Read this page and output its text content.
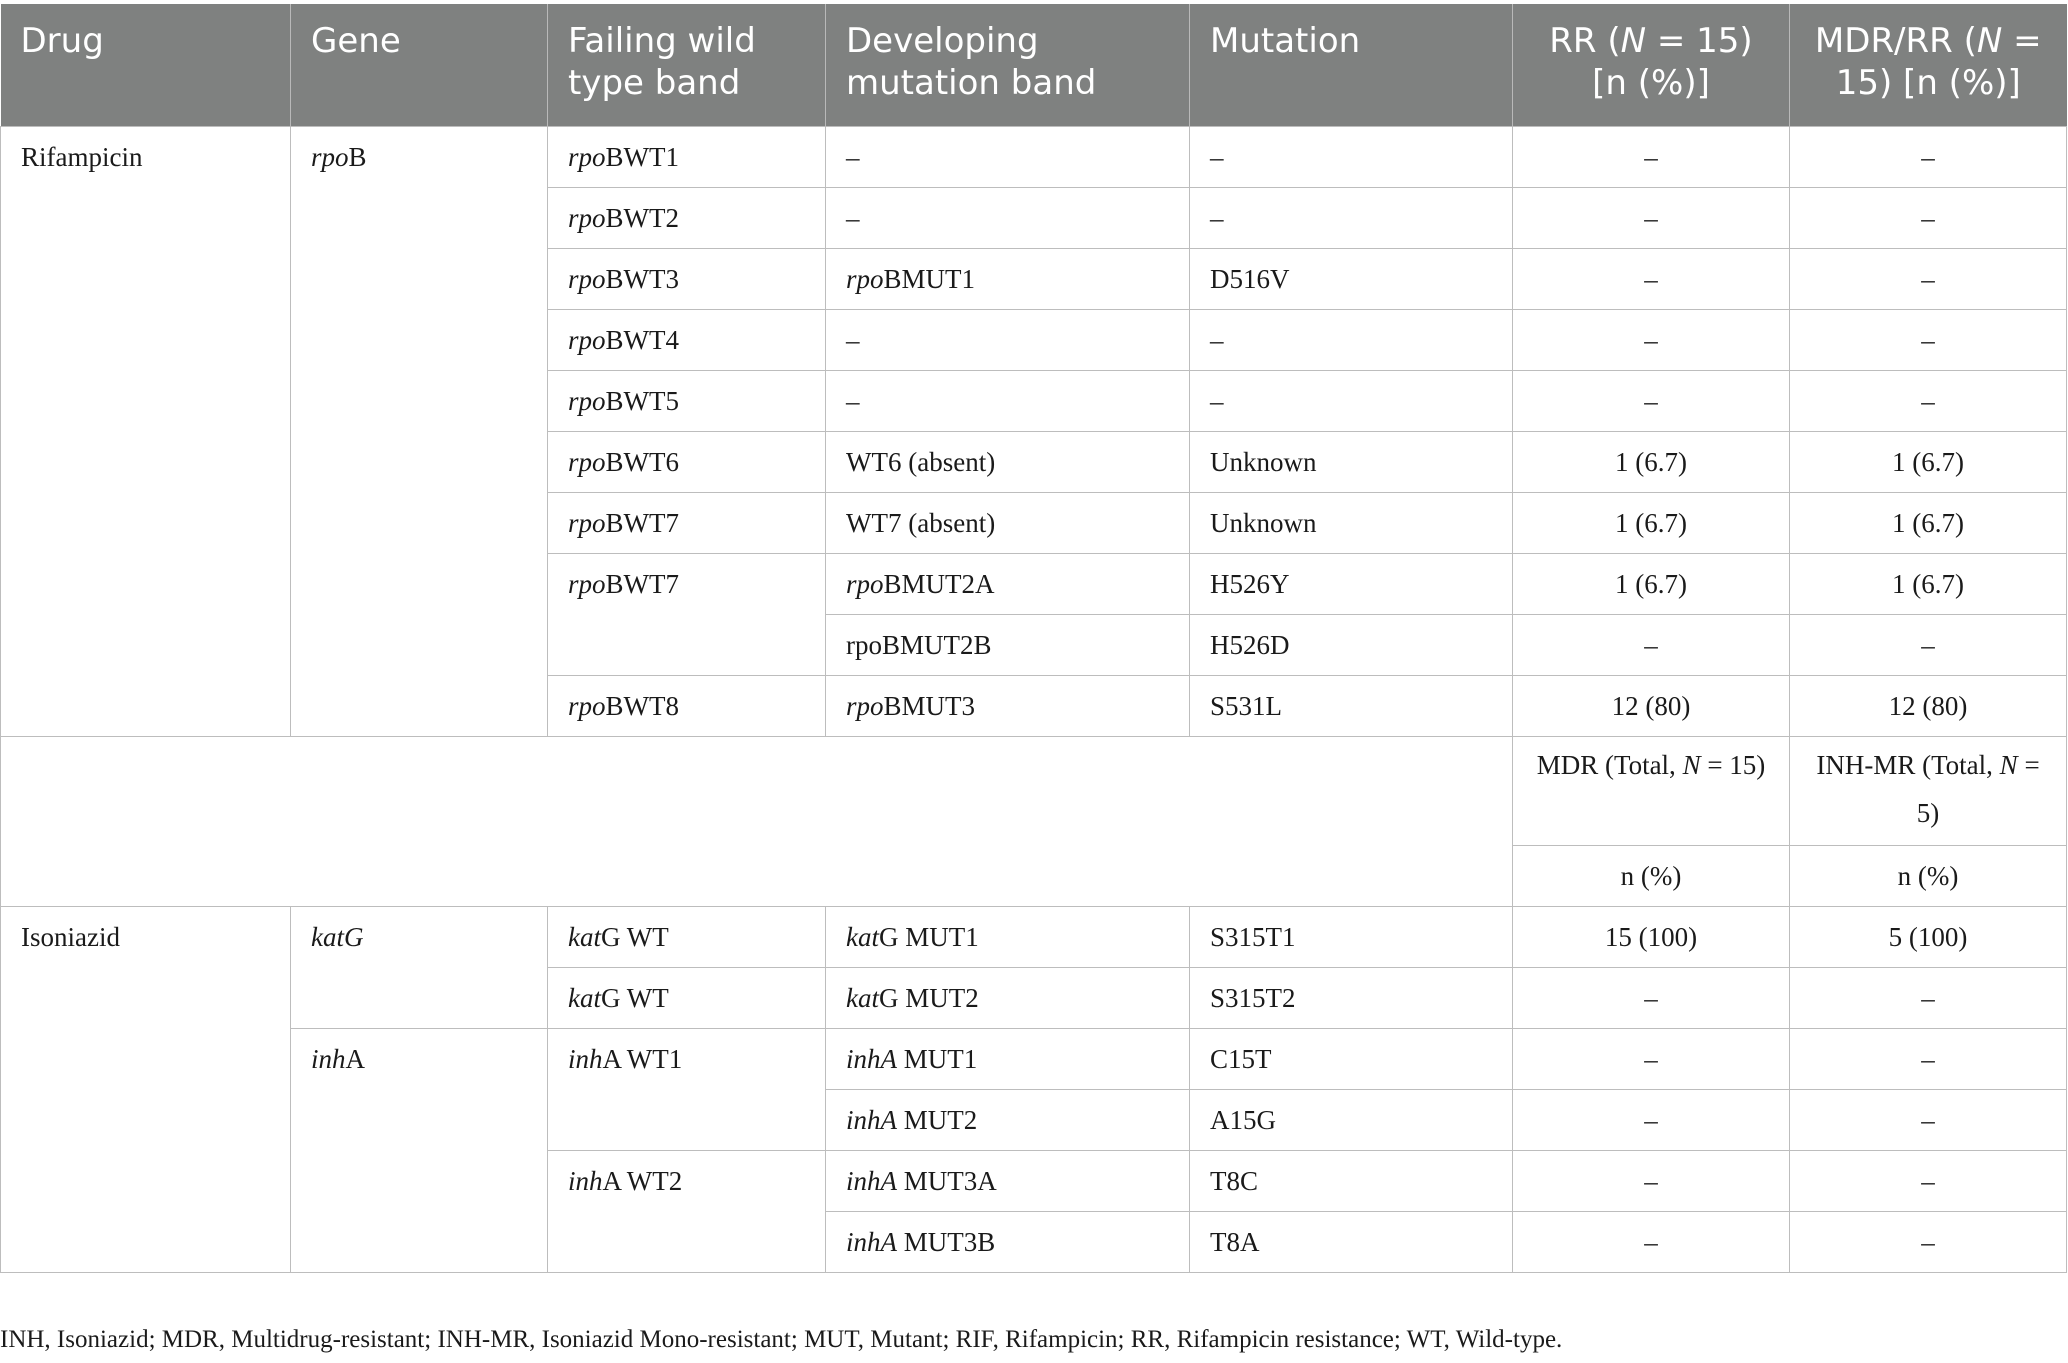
Drug	Gene	Failing wild type band	Developing mutation band	Mutation	RR (N = 15) [n (%)]	MDR/RR (N = 15) [n (%)]
Rifampicin	rpoB	rpoBWT1	–	–	–	–
		rpoBWT2	–	–	–	–
		rpoBWT3	rpoBMUT1	D516V	–	–
		rpoBWT4	–	–	–	–
		rpoBWT5	–	–	–	–
		rpoBWT6	WT6 (absent)	Unknown	1 (6.7)	1 (6.7)
		rpoBWT7	WT7 (absent)	Unknown	1 (6.7)	1 (6.7)
		rpoBWT7	rpoBMUT2A	H526Y	1 (6.7)	1 (6.7)
			rpoBMUT2B	H526D	–	–
		rpoBWT8	rpoBMUT3	S531L	12 (80)	12 (80)
					MDR (Total, N = 15)	INH-MR (Total, N = 5)
					n (%)	n (%)
Isoniazid	katG	katG WT	katG MUT1	S315T1	15 (100)	5 (100)
		katG WT	katG MUT2	S315T2	–	–
	inhA	inhA WT1	inhA MUT1	C15T	–	–
			inhA MUT2	A15G	–	–
		inhA WT2	inhA MUT3A	T8C	–	–
			inhA MUT3B	T8A	–	–
INH, Isoniazid; MDR, Multidrug-resistant; INH-MR, Isoniazid Mono-resistant; MUT, Mutant; RIF, Rifampicin; RR, Rifampicin resistance; WT, Wild-type.
